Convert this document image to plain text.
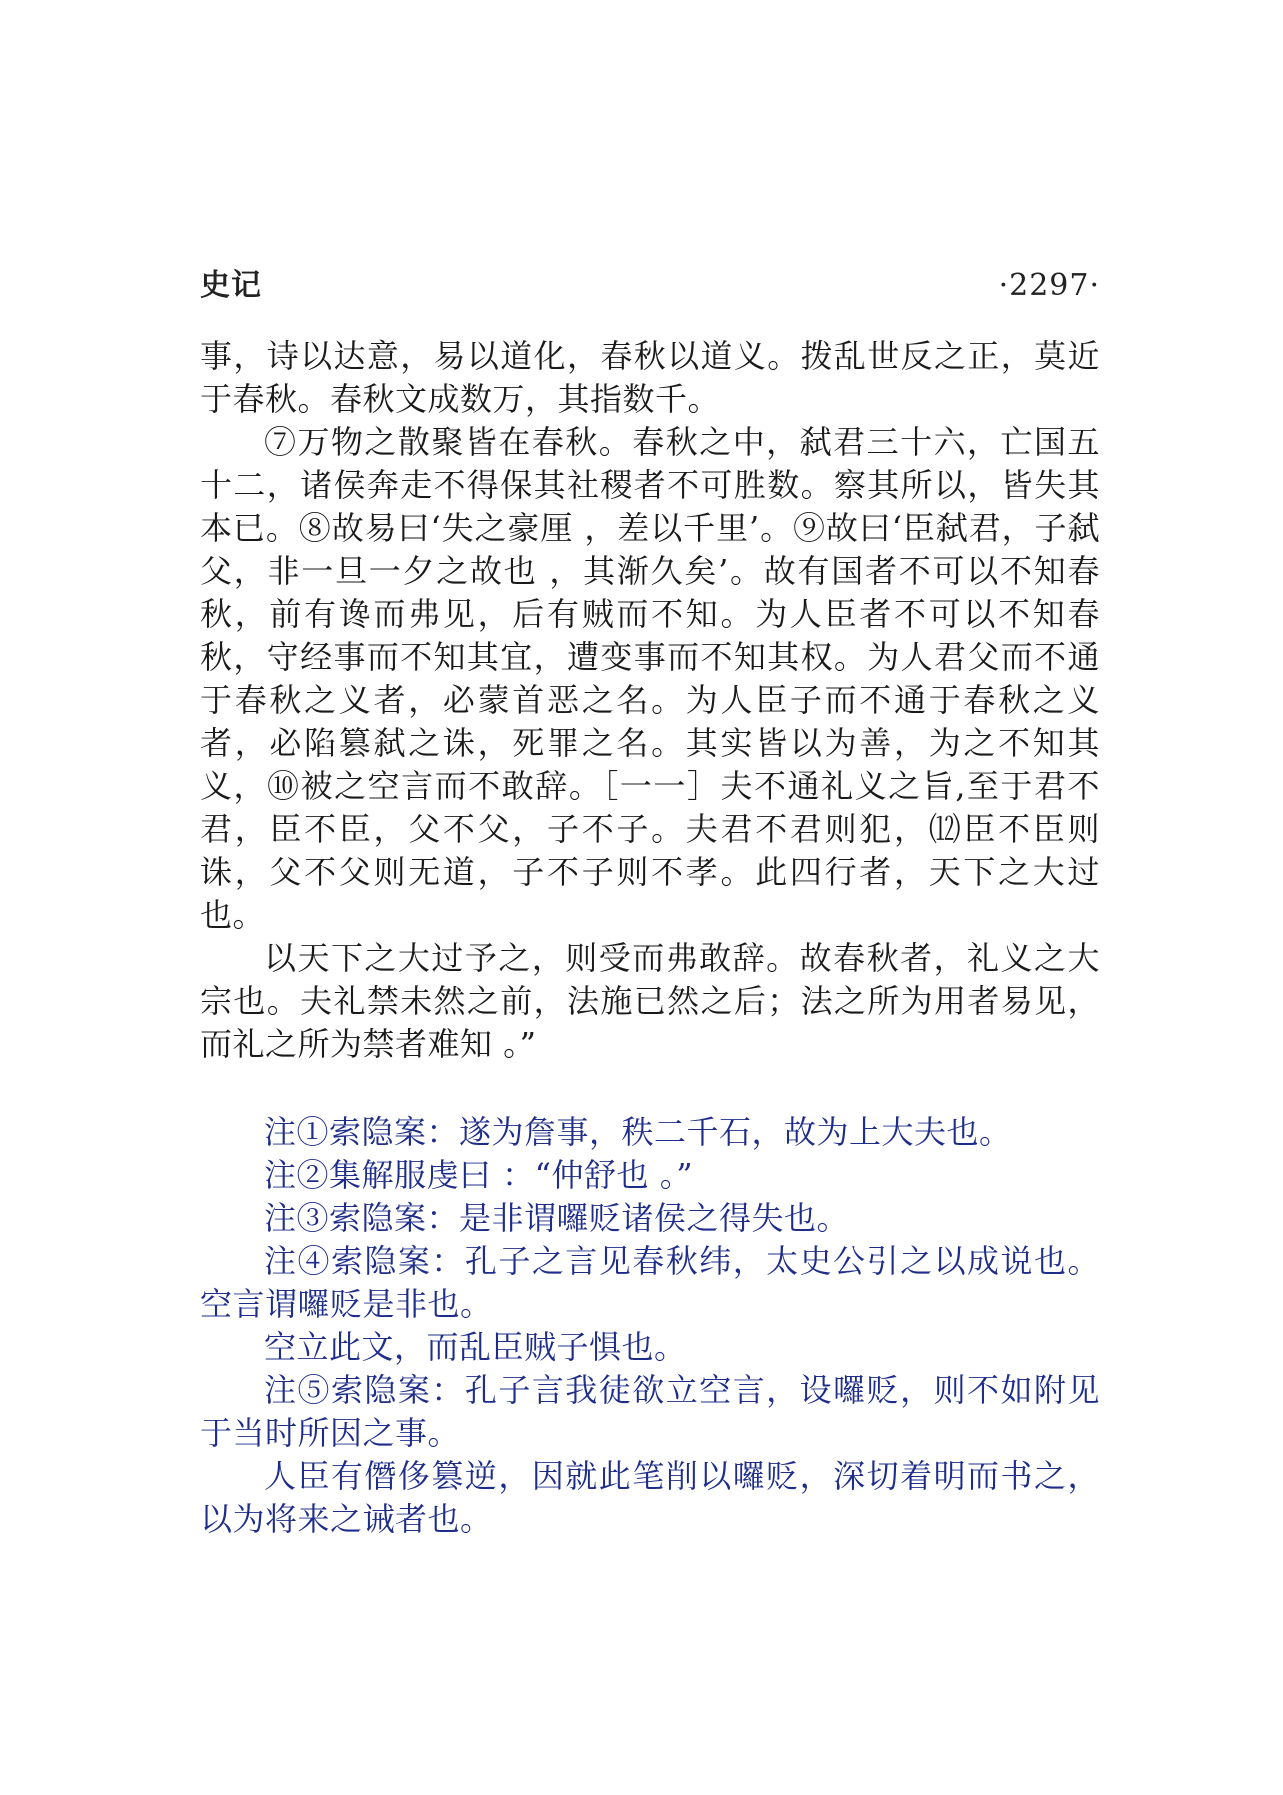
史记	·2297·

事，诗以达意，易以道化，春秋以道义。拨乱世反之正，莫近于春秋。春秋文成数万，其指数千。

⑦万物之散聚皆在春秋。春秋之中，弑君三十六，亡国五十二，诸侯奔走不得保其社稷者不可胜数。察其所以，皆失其本已。⑧故易曰‘失之豪厘 ，差以千里’。⑨故曰‘臣弑君，子弑父，非一旦一夕之故也 ，其渐久矣’。故有国者不可以不知春秋，前有谗而弗见，后有贼而不知。为人臣者不可以不知春秋，守经事而不知其宜，遭变事而不知其权。为人君父而不通于春秋之义者，必蒙首恶之名。为人臣子而不通于春秋之义者，必陷篡弑之诛，死罪之名。其实皆以为善，为之不知其义，⑩被之空言而不敢辞。［一一］夫不通礼义之旨,至于君不君，臣不臣，父不父，子不子。夫君不君则犯，⑿臣不臣则诛，父不父则无道，子不子则不孝。此四行者，天下之大过也。

以天下之大过予之，则受而弗敢辞。故春秋者，礼义之大宗也。夫礼禁未然之前，法施已然之后；法之所为用者易见，而礼之所为禁者难知 。”

注①索隐案：遂为詹事，秩二千石，故为上大夫也。

注②集解服虔曰 ：“仲舒也 。”

注③索隐案：是非谓囉贬诸侯之得失也。

注④索隐案：孔子之言见春秋纬，太史公引之以成说也。空言谓囉贬是非也。

空立此文，而乱臣贼子惧也。

注⑤索隐案：孔子言我徒欲立空言，设囉贬，则不如附见于当时所因之事。

人臣有僭侈篡逆，因就此笔削以囉贬，深切着明而书之，以为将来之诫者也。
